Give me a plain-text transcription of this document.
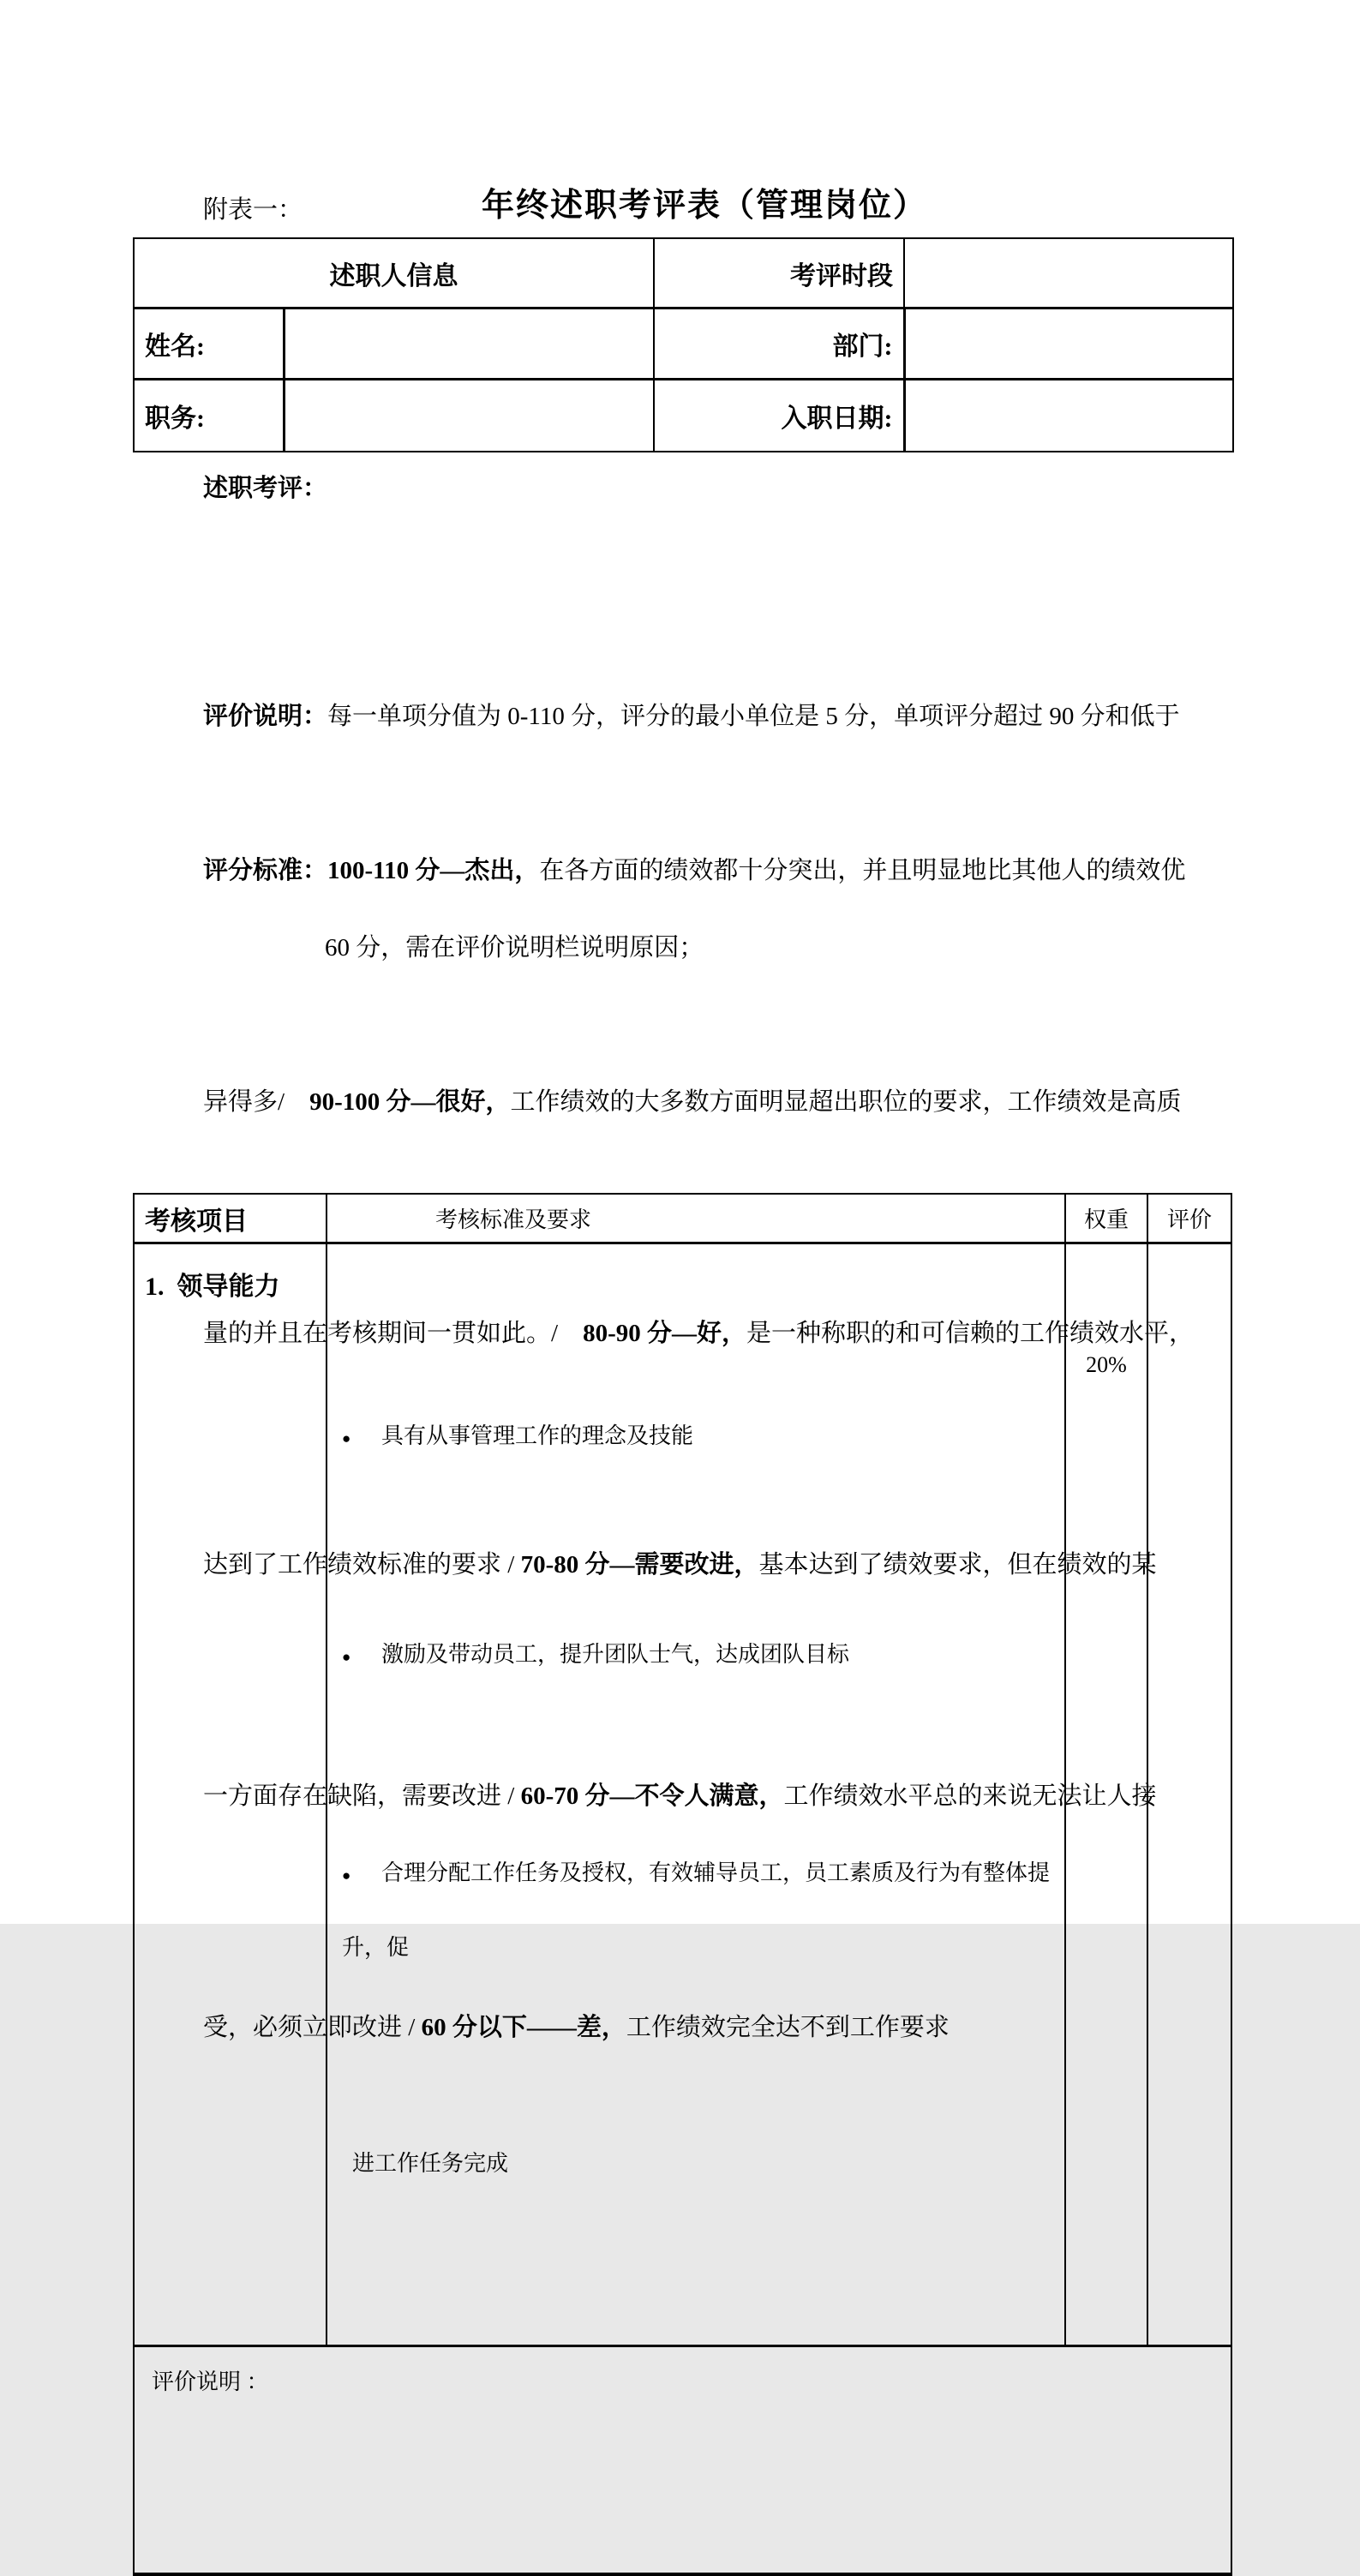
附表一：	年终述职考评表（管理岗位）
述职人信息		考评时段	
姓名:		部门:	
职务:		入职日期:	
述职考评：

评价说明：每一单项分值为 0-110 分，评分的最小单位是 5 分，单项评分超过 90 分和低于

60 分，需在评价说明栏说明原因；

评分标准：100-110 分—杰出，在各方面的绩效都十分突出，并且明显地比其他人的绩效优

异得多/　90-100 分—很好，工作绩效的大多数方面明显超出职位的要求，工作绩效是高质

量的并且在考核期间一贯如此。/　80-90 分—好，是一种称职的和可信赖的工作绩效水平，

达到了工作绩效标准的要求 / 70-80 分—需要改进，基本达到了绩效要求，但在绩效的某

一方面存在缺陷，需要改进 / 60-70 分—不令人满意，工作绩效水平总的来说无法让人接

受，必须立即改进 / 60 分以下——差，工作绩效完全达不到工作要求

考核项目	考核标准及要求	权重	评价
1.  领导能力	● 具有从事管理工作的理念及技能

● 激励及带动员工，提升团队士气，达成团队目标

● 合理分配工作任务及授权，有效辅导员工，员工素质及行为有整体提升，促

进工作任务完成	20%	
评价说明 ：			
